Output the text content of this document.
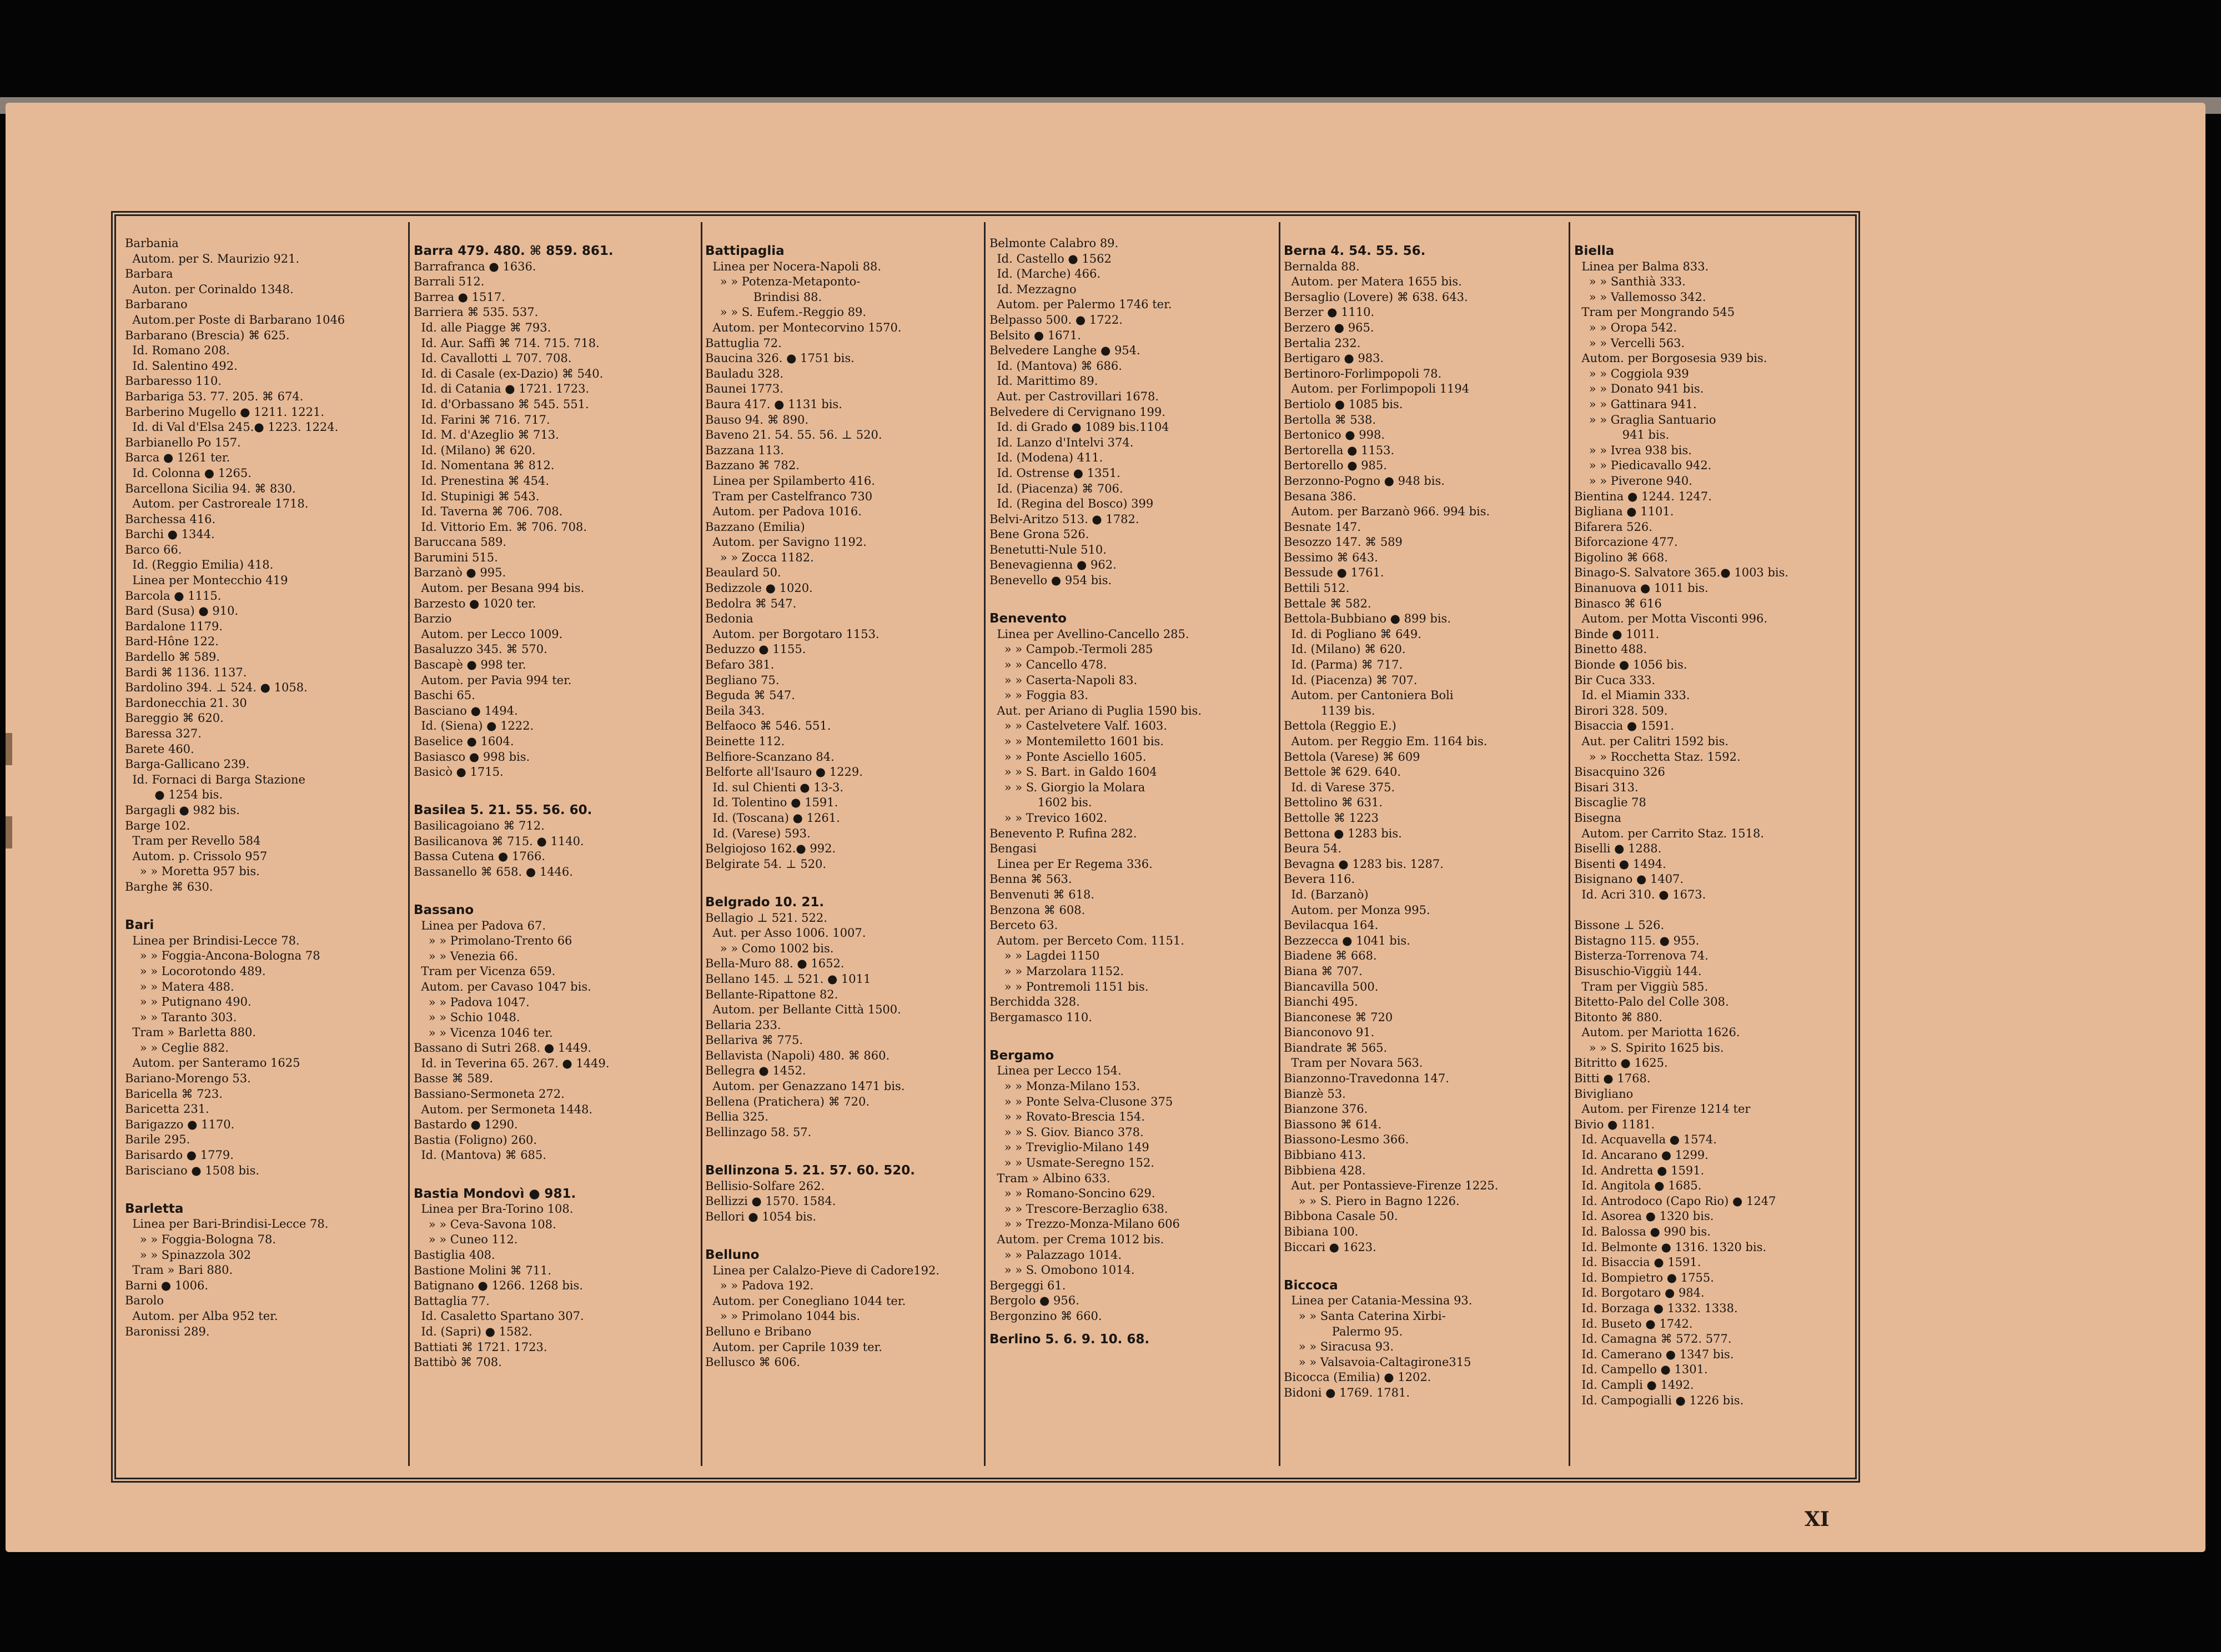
Barbania
Autom. per S. Maurizio 921.
Barbara
Auton. per Corinaldo 1348.
Barbarano
Autom.per Poste di Barbarano 1046
Barbarano (Brescia) ⌘ 625.
Id. Romano 208.
Id. Salentino 492.
Barbaresso 110.
Barbariga 53. 77. 205. ⌘ 674.
Barberino Mugello ● 1211. 1221.
Id. di Val d'Elsa 245.● 1223. 1224.
Barbianello Po 157.
Barca ● 1261 ter.
Id. Colonna ● 1265.
Barcellona Sicilia 94. ⌘ 830.
Autom. per Castroreale 1718.
Barchessa 416.
Barchi ● 1344.
Barco 66.
Id. (Reggio Emilia) 418.
Linea per Montecchio 419
Barcola ● 1115.
Bard (Susa) ● 910.
Bardalone 1179.
Bard-Hône 122.
Bardello ⌘ 589.
Bardi ⌘ 1136. 1137.
Bardolino 394. ⊥ 524. ● 1058.
Bardonecchia 21. 30
Bareggio ⌘ 620.
Baressa 327.
Barete 460.
Barga-Gallicano 239.
Id. Fornaci di Barga Stazione
● 1254 bis.
Bargagli ● 982 bis.
Barge 102.
Tram per Revello 584
Autom. p. Crissolo 957
» » Moretta 957 bis.
Barghe ⌘ 630.

Bari
Linea per Brindisi-Lecce 78.
» » Foggia-Ancona-Bologna 78
» » Locorotondo 489.
» » Matera 488.
» » Putignano 490.
» » Taranto 303.
Tram » Barletta 880.
» » Ceglie 882.
Autom. per Santeramo 1625
Bariano-Morengo 53.
Baricella ⌘ 723.
Baricetta 231.
Barigazzo ● 1170.
Barile 295.
Barisardo ● 1779.
Barisciano ● 1508 bis.

Barletta
Linea per Bari-Brindisi-Lecce 78.
» » Foggia-Bologna 78.
» » Spinazzola 302
Tram » Bari 880.
Barni ● 1006.
Barolo
Autom. per Alba 952 ter.
Baronissi 289.
Barra 479. 480. ⌘ 859. 861.
Barrafranca ● 1636.
Barrali 512.
Barrea ● 1517.
Barriera ⌘ 535. 537.
Id. alle Piagge ⌘ 793.
Id. Aur. Saffi ⌘ 714. 715. 718.
Id. Cavallotti ⊥ 707. 708.
Id. di Casale (ex-Dazio) ⌘ 540.
Id. di Catania ● 1721. 1723.
Id. d'Orbassano ⌘ 545. 551.
Id. Farini ⌘ 716. 717.
Id. M. d'Azeglio ⌘ 713.
Id. (Milano) ⌘ 620.
Id. Nomentana ⌘ 812.
Id. Prenestina ⌘ 454.
Id. Stupinigi ⌘ 543.
Id. Taverna ⌘ 706. 708.
Id. Vittorio Em. ⌘ 706. 708.
Baruccana 589.
Barumini 515.
Barzanò ● 995.
Autom. per Besana 994 bis.
Barzesto ● 1020 ter.
Barzio
Autom. per Lecco 1009.
Basaluzzo 345. ⌘ 570.
Bascapè ● 998 ter.
Autom. per Pavia 994 ter.
Baschi 65.
Basciano ● 1494.
Id. (Siena) ● 1222.
Baselice ● 1604.
Basiasco ● 998 bis.
Basicò ● 1715.

Basilea 5. 21. 55. 56. 60.
Basilicagoiano ⌘ 712.
Basilicanova ⌘ 715. ● 1140.
Bassa Cutena ● 1766.
Bassanello ⌘ 658. ● 1446.

Bassano
Linea per Padova 67.
» » Primolano-Trento 66
» » Venezia 66.
Tram per Vicenza 659.
Autom. per Cavaso 1047 bis.
» » Padova 1047.
» » Schio 1048.
» » Vicenza 1046 ter.
Bassano di Sutri 268. ● 1449.
Id. in Teverina 65. 267. ● 1449.
Basse ⌘ 589.
Bassiano-Sermoneta 272.
Autom. per Sermoneta 1448.
Bastardo ● 1290.
Bastia (Foligno) 260.
Id. (Mantova) ⌘ 685.

Bastia Mondovì ● 981.
Linea per Bra-Torino 108.
» » Ceva-Savona 108.
» » Cuneo 112.
Bastiglia 408.
Bastione Molini ⌘ 711.
Batignano ● 1266. 1268 bis.
Battaglia 77.
Id. Casaletto Spartano 307.
Id. (Sapri) ● 1582.
Battiati ⌘ 1721. 1723.
Battibò ⌘ 708.
Battipaglia
Linea per Nocera-Napoli 88.
» » Potenza-Metaponto-
Brindisi 88.
» » S. Eufem.-Reggio 89.
Autom. per Montecorvino 1570.
Battuglia 72.
Baucina 326. ● 1751 bis.
Bauladu 328.
Baunei 1773.
Baura 417. ● 1131 bis.
Bauso 94. ⌘ 890.
Baveno 21. 54. 55. 56. ⊥ 520.
Bazzana 113.
Bazzano ⌘ 782.
Linea per Spilamberto 416.
Tram per Castelfranco 730
Autom. per Padova 1016.
Bazzano (Emilia)
Autom. per Savigno 1192.
» » Zocca 1182.
Beaulard 50.
Bedizzole ● 1020.
Bedolra ⌘ 547.
Bedonia
Autom. per Borgotaro 1153.
Beduzzo ● 1155.
Befaro 381.
Begliano 75.
Beguda ⌘ 547.
Beila 343.
Belfaoco ⌘ 546. 551.
Beinette 112.
Belfiore-Scanzano 84.
Belforte all'Isauro ● 1229.
Id. sul Chienti ● 13-3.
Id. Tolentino ● 1591.
Id. (Toscana) ● 1261.
Id. (Varese) 593.
Belgiojoso 162.● 992.
Belgirate 54. ⊥ 520.

Belgrado 10. 21.
Bellagio ⊥ 521. 522.
Aut. per Asso 1006. 1007.
» » Como 1002 bis.
Bella-Muro 88. ● 1652.
Bellano 145. ⊥ 521. ● 1011
Bellante-Ripattone 82.
Autom. per Bellante Città 1500.
Bellaria 233.
Bellariva ⌘ 775.
Bellavista (Napoli) 480. ⌘ 860.
Bellegra ● 1452.
Autom. per Genazzano 1471 bis.
Bellena (Pratichera) ⌘ 720.
Bellia 325.
Bellinzago 58. 57.

Bellinzona 5. 21. 57. 60. 520.
Bellisio-Solfare 262.
Bellizzi ● 1570. 1584.
Bellori ● 1054 bis.

Belluno
Linea per Calalzo-Pieve di Cadore192.
» » Padova 192.
Autom. per Conegliano 1044 ter.
» » Primolano 1044 bis.
Belluno e Bribano
Autom. per Caprile 1039 ter.
Bellusco ⌘ 606.
Belmonte Calabro 89.
Id. Castello ● 1562
Id. (Marche) 466.
Id. Mezzagno
Autom. per Palermo 1746 ter.
Belpasso 500. ● 1722.
Belsito ● 1671.
Belvedere Langhe ● 954.
Id. (Mantova) ⌘ 686.
Id. Marittimo 89.
Aut. per Castrovillari 1678.
Belvedere di Cervignano 199.
Id. di Grado ● 1089 bis.1104
Id. Lanzo d'Intelvi 374.
Id. (Modena) 411.
Id. Ostrense ● 1351.
Id. (Piacenza) ⌘ 706.
Id. (Regina del Bosco) 399
Belvi-Aritzo 513. ● 1782.
Bene Grona 526.
Benetutti-Nule 510.
Benevagienna ● 962.
Benevello ● 954 bis.

Benevento
Linea per Avellino-Cancello 285.
» » Campob.-Termoli 285
» » Cancello 478.
» » Caserta-Napoli 83.
» » Foggia 83.
Aut. per Ariano di Puglia 1590 bis.
» » Castelvetere Valf. 1603.
» » Montemiletto 1601 bis.
» » Ponte Asciello 1605.
» » S. Bart. in Galdo 1604
» » S. Giorgio la Molara
1602 bis.
» » Trevico 1602.
Benevento P. Rufina 282.
Bengasi
Linea per Er Regema 336.
Benna ⌘ 563.
Benvenuti ⌘ 618.
Benzona ⌘ 608.
Berceto 63.
Autom. per Berceto Com. 1151.
» » Lagdei 1150
» » Marzolara 1152.
» » Pontremoli 1151 bis.
Berchidda 328.
Bergamasco 110.

Bergamo
Linea per Lecco 154.
» » Monza-Milano 153.
» » Ponte Selva-Clusone 375
» » Rovato-Brescia 154.
» » S. Giov. Bianco 378.
» » Treviglio-Milano 149
» » Usmate-Seregno 152.
Tram » Albino 633.
» » Romano-Soncino 629.
» » Trescore-Berzaglio 638.
» » Trezzo-Monza-Milano 606
Autom. per Crema 1012 bis.
» » Palazzago 1014.
» » S. Omobono 1014.
Bergeggi 61.
Bergolo ● 956.
Bergonzino ⌘ 660.
Berlino 5. 6. 9. 10. 68.
Berna 4. 54. 55. 56.
Bernalda 88.
Autom. per Matera 1655 bis.
Bersaglio (Lovere) ⌘ 638. 643.
Berzer ● 1110.
Berzero ● 965.
Bertalia 232.
Bertigaro ● 983.
Bertinoro-Forlimpopoli 78.
Autom. per Forlimpopoli 1194
Bertiolo ● 1085 bis.
Bertolla ⌘ 538.
Bertonico ● 998.
Bertorella ● 1153.
Bertorello ● 985.
Berzonno-Pogno ● 948 bis.
Besana 386.
Autom. per Barzanò 966. 994 bis.
Besnate 147.
Besozzo 147. ⌘ 589
Bessimo ⌘ 643.
Bessude ● 1761.
Bettili 512.
Bettale ⌘ 582.
Bettola-Bubbiano ● 899 bis.
Id. di Pogliano ⌘ 649.
Id. (Milano) ⌘ 620.
Id. (Parma) ⌘ 717.
Id. (Piacenza) ⌘ 707.
Autom. per Cantoniera Boli
1139 bis.
Bettola (Reggio E.)
Autom. per Reggio Em. 1164 bis.
Bettola (Varese) ⌘ 609
Bettole ⌘ 629. 640.
Id. di Varese 375.
Bettolino ⌘ 631.
Bettolle ⌘ 1223
Bettona ● 1283 bis.
Beura 54.
Bevagna ● 1283 bis. 1287.
Bevera 116.
Id. (Barzanò)
Autom. per Monza 995.
Bevilacqua 164.
Bezzecca ● 1041 bis.
Biadene ⌘ 668.
Biana ⌘ 707.
Biancavilla 500.
Bianchi 495.
Bianconese ⌘ 720
Bianconovo 91.
Biandrate ⌘ 565.
Tram per Novara 563.
Bianzonno-Travedonna 147.
Bianzè 53.
Bianzone 376.
Biassono ⌘ 614.
Biassono-Lesmo 366.
Bibbiano 413.
Bibbiena 428.
Aut. per Pontassieve-Firenze 1225.
» » S. Piero in Bagno 1226.
Bibbona Casale 50.
Bibiana 100.
Biccari ● 1623.

Biccoca
Linea per Catania-Messina 93.
» » Santa Caterina Xirbi-
Palermo 95.
» » Siracusa 93.
» » Valsavoia-Caltagirone315
Bicocca (Emilia) ● 1202.
Bidoni ● 1769. 1781.
Biella
Linea per Balma 833.
» » Santhià 333.
» » Vallemosso 342.
Tram per Mongrando 545
» » Oropa 542.
» » Vercelli 563.
Autom. per Borgosesia 939 bis.
» » Coggiola 939
» » Donato 941 bis.
» » Gattinara 941.
» » Graglia Santuario
941 bis.
» » Ivrea 938 bis.
» » Piedicavallo 942.
» » Piverone 940.
Bientina ● 1244. 1247.
Bigliana ● 1101.
Bifarera 526.
Biforcazione 477.
Bigolino ⌘ 668.
Binago-S. Salvatore 365.● 1003 bis.
Binanuova ● 1011 bis.
Binasco ⌘ 616
Autom. per Motta Visconti 996.
Binde ● 1011.
Binetto 488.
Bionde ● 1056 bis.
Bir Cuca 333.
Id. el Miamin 333.
Birori 328. 509.
Bisaccia ● 1591.
Aut. per Calitri 1592 bis.
» » Rocchetta Staz. 1592.
Bisacquino 326
Bisari 313.
Biscaglie 78
Bisegna
Autom. per Carrito Staz. 1518.
Biselli ● 1288.
Bisenti ● 1494.
Bisignano ● 1407.
Id. Acri 310. ● 1673.

Bissone ⊥ 526.
Bistagno 115. ● 955.
Bisterza-Torrenova 74.
Bisuschio-Viggiù 144.
Tram per Viggiù 585.
Bitetto-Palo del Colle 308.
Bitonto ⌘ 880.
Autom. per Mariotta 1626.
» » S. Spirito 1625 bis.
Bitritto ● 1625.
Bitti ● 1768.
Bivigliano
Autom. per Firenze 1214 ter
Bivio ● 1181.
Id. Acquavella ● 1574.
Id. Ancarano ● 1299.
Id. Andretta ● 1591.
Id. Angitola ● 1685.
Id. Antrodoco (Capo Rio) ● 1247
Id. Asorea ● 1320 bis.
Id. Balossa ● 990 bis.
Id. Belmonte ● 1316. 1320 bis.
Id. Bisaccia ● 1591.
Id. Bompietro ● 1755.
Id. Borgotaro ● 984.
Id. Borzaga ● 1332. 1338.
Id. Buseto ● 1742.
Id. Camagna ⌘ 572. 577.
Id. Camerano ● 1347 bis.
Id. Campello ● 1301.
Id. Campli ● 1492.
Id. Campogialli ● 1226 bis.
XI
